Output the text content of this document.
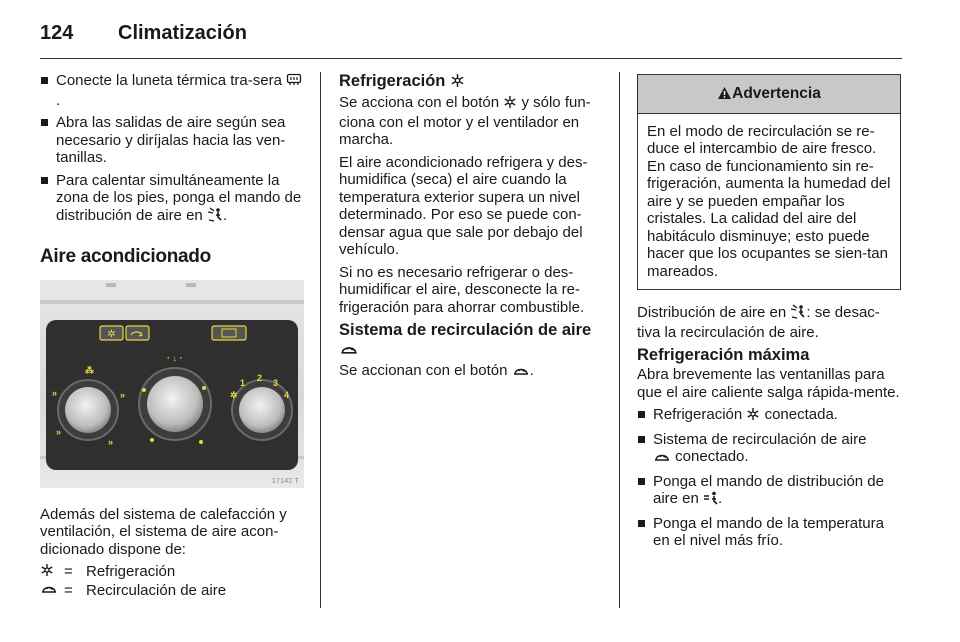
124	Climatización
Conecte la luneta térmica tra-sera .
Abra las salidas de aire según sea necesario y diríjalas hacia las ven-tanillas.
Para calentar simultáneamente la zona de los pies, ponga el mando de distribución de aire en .
Aire acondicionado
✲
⁂
»	»
»
»
· ↓ ·
✲
1 2 3
4
17142 T

Además del sistema de calefacción y ventilación, el sistema de aire acon-dicionado dispone de:

= Refrigeración
= Recirculación de aire
Refrigeración

Se acciona con el botón y sólo fun-ciona con el motor y el ventilador en marcha.

El aire acondicionado refrigera y des-humidifica (seca) el aire cuando la temperatura exterior supera un nivel determinado. Por eso se puede con-densar agua que sale por debajo del vehículo.

Si no es necesario refrigerar o des-humidificar el aire, desconecte la re-frigeración para ahorrar combustible.

Sistema de recirculación de aire

Se accionan con el botón .

Advertencia
En el modo de recirculación se re-duce el intercambio de aire fresco. En caso de funcionamiento sin re-frigeración, aumenta la humedad del aire y se pueden empañar los cristales. La calidad del aire del habitáculo disminuye; esto puede hacer que los ocupantes se sien-tan mareados.

Distribución de aire en : se desac-tiva la recirculación de aire.

Refrigeración máxima

Abra brevemente las ventanillas para que el aire caliente salga rápida-mente.

Refrigeración conectada.
Sistema de recirculación de aire
conectado.
Ponga el mando de distribución de aire en .
Ponga el mando de la temperatura en el nivel más frío.
